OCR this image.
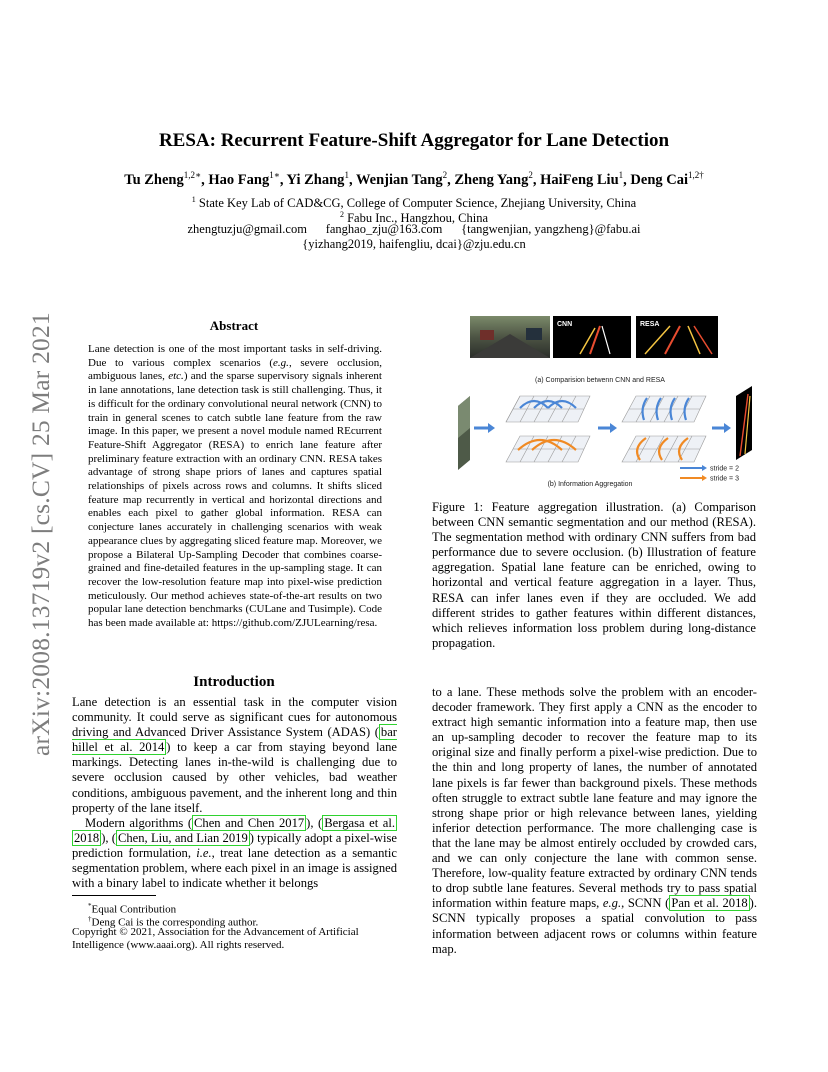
arXiv:2008.13719v2 [cs.CV] 25 Mar 2021
RESA: Recurrent Feature-Shift Aggregator for Lane Detection
Tu Zheng$^{1,2∗}$, Hao Fang$^{1∗}$, Yi Zhang$^1$, Wenjian Tang$^2$, Zheng Yang$^2$, HaiFeng Liu$^1$, Deng Cai$^{1,2\dagger}$
$^1$ State Key Lab of CAD&CG, College of Computer Science, Zhejiang University, China
$^2$ Fabu Inc., Hangzhou, China
zhengtuzju@gmail.com      fanghao_zju@163.com      {tangwenjian, yangzheng}@fabu.ai
{yizhang2019, haifengliu, dcai}@zju.edu.cn
Abstract

Lane detection is one of the most important tasks in self-driving. Due to various complex scenarios (e.g., severe occlusion, ambiguous lanes, etc.) and the sparse supervisory signals inherent in lane annotations, lane detection task is still challenging. Thus, it is difficult for the ordinary convolutional neural network (CNN) to train in general scenes to catch subtle lane feature from the raw image. In this paper, we present a novel module named REcurrent Feature-Shift Aggregator (RESA) to enrich lane feature after preliminary feature extraction with an ordinary CNN. RESA takes advantage of strong shape priors of lanes and captures spatial relationships of pixels across rows and columns. It shifts sliced feature map recurrently in vertical and horizontal directions and enables each pixel to gather global information. RESA can conjecture lanes accurately in challenging scenarios with weak appearance clues by aggregating sliced feature map. Moreover, we propose a Bilateral Up-Sampling Decoder that combines coarse-grained and fine-detailed features in the up-sampling stage. It can recover the low-resolution feature map into pixel-wise prediction meticulously. Our method achieves state-of-the-art results on two popular lane detection benchmarks (CULane and Tusimple). Code has been made available at: https://github.com/ZJULearning/resa.

Introduction

Lane detection is an essential task in the computer vision community. It could serve as significant cues for autonomous driving and Advanced Driver Assistance System (ADAS) ( bar hillel et al. 2014 ) to keep a car from staying beyond lane markings. Detecting lanes in-the-wild is challenging due to severe occlusion caused by other vehicles, bad weather conditions, ambiguous pavement, and the inherent long and thin property of the lane itself.

Modern algorithms ( Chen and Chen 2017 ), ( Bergasa et al. 2018 ), ( Chen, Liu, and Lian 2019 ) typically adopt a pixel-wise prediction formulation, i.e., treat lane detection as a semantic segmentation problem, where each pixel in an image is assigned with a binary label to indicate whether it belongs

*Equal Contribution
†Deng Cai is the corresponding author.
Copyright © 2021, Association for the Advancement of Artificial Intelligence (www.aaai.org). All rights reserved.

to a lane. These methods solve the problem with an encoder-decoder framework. They first apply a CNN as the encoder to extract high semantic information into a feature map, then use an up-sampling decoder to recover the feature map to its original size and finally perform a pixel-wise prediction. Due to the thin and long property of lanes, the number of annotated lane pixels is far fewer than background pixels. These methods often struggle to extract subtle lane feature and may ignore the strong shape prior or high relevance between lanes, yielding inferior detection performance. The more challenging case is that the lane may be almost entirely occluded by crowded cars, and we can only conjecture the lane with common sense. Therefore, low-quality feature extracted by ordinary CNN tends to drop subtle lane features. Several methods try to pass spatial information within feature maps, e.g., SCNN ( Pan et al. 2018 ). SCNN typically proposes a spatial convolution to pass information between adjacent rows or columns within feature map.

CNN	RESA
(a) Comparision betwenn CNN and RESA
stride = 2
stride = 3
(b) Information Aggregation
Figure 1: Feature aggregation illustration. (a) Comparison between CNN semantic segmentation and our method (RESA). The segmentation method with ordinary CNN suffers from bad performance due to severe occlusion. (b) Illustration of feature aggregation. Spatial lane feature can be enriched, owing to horizontal and vertical feature aggregation in a layer. Thus, RESA can infer lanes even if they are occluded. We add different strides to gather features within different distances, which relieves information loss problem during long-distance propagation.
